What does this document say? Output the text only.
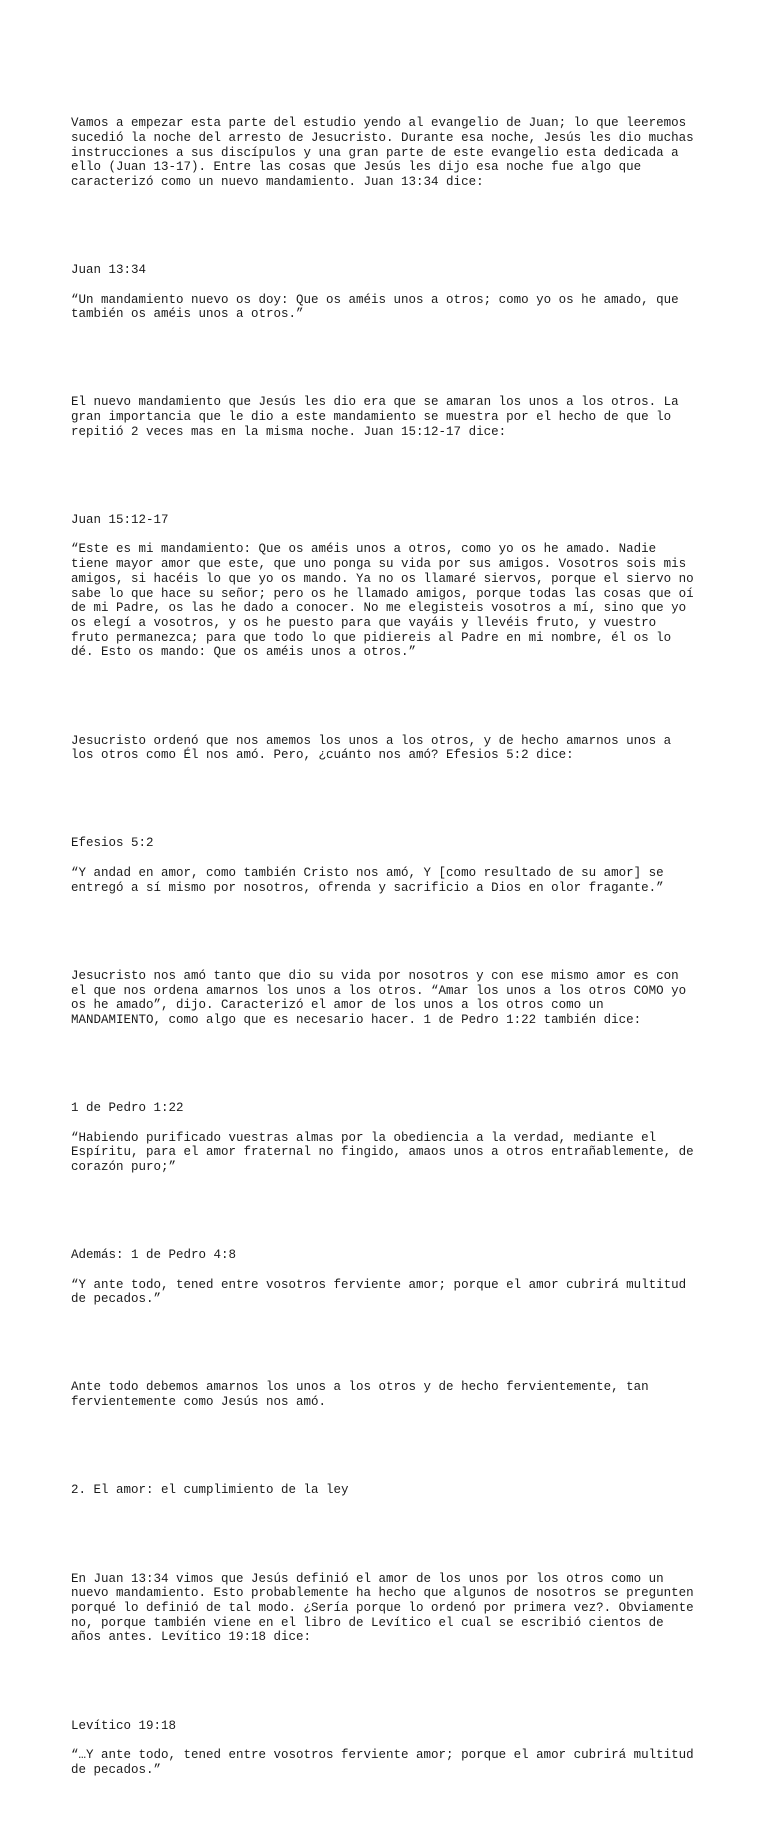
Vamos a empezar esta parte del estudio yendo al evangelio de Juan; lo que leeremos
sucedió la noche del arresto de Jesucristo. Durante esa noche, Jesús les dio muchas
instrucciones a sus discípulos y una gran parte de este evangelio esta dedicada a
ello (Juan 13-17). Entre las cosas que Jesús les dijo esa noche fue algo que
caracterizó como un nuevo mandamiento. Juan 13:34 dice:

Juan 13:34

“Un mandamiento nuevo os doy: Que os améis unos a otros; como yo os he amado, que
también os améis unos a otros.”

El nuevo mandamiento que Jesús les dio era que se amaran los unos a los otros. La
gran importancia que le dio a este mandamiento se muestra por el hecho de que lo
repitió 2 veces mas en la misma noche. Juan 15:12-17 dice:

Juan 15:12-17

“Este es mi mandamiento: Que os améis unos a otros, como yo os he amado. Nadie
tiene mayor amor que este, que uno ponga su vida por sus amigos. Vosotros sois mis
amigos, si hacéis lo que yo os mando. Ya no os llamaré siervos, porque el siervo no
sabe lo que hace su señor; pero os he llamado amigos, porque todas las cosas que oí
de mi Padre, os las he dado a conocer. No me elegisteis vosotros a mí, sino que yo
os elegí a vosotros, y os he puesto para que vayáis y llevéis fruto, y vuestro
fruto permanezca; para que todo lo que pidiereis al Padre en mi nombre, él os lo
dé. Esto os mando: Que os améis unos a otros.”

Jesucristo ordenó que nos amemos los unos a los otros, y de hecho amarnos unos a
los otros como Él nos amó. Pero, ¿cuánto nos amó? Efesios 5:2 dice:

Efesios 5:2

“Y andad en amor, como también Cristo nos amó, Y [como resultado de su amor] se
entregó a sí mismo por nosotros, ofrenda y sacrificio a Dios en olor fragante.”

Jesucristo nos amó tanto que dio su vida por nosotros y con ese mismo amor es con
el que nos ordena amarnos los unos a los otros. “Amar los unos a los otros COMO yo
os he amado”, dijo. Caracterizó el amor de los unos a los otros como un
MANDAMIENTO, como algo que es necesario hacer. 1 de Pedro 1:22 también dice:

1 de Pedro 1:22

“Habiendo purificado vuestras almas por la obediencia a la verdad, mediante el
Espíritu, para el amor fraternal no fingido, amaos unos a otros entrañablemente, de
corazón puro;”

Además: 1 de Pedro 4:8

“Y ante todo, tened entre vosotros ferviente amor; porque el amor cubrirá multitud
de pecados.”

Ante todo debemos amarnos los unos a los otros y de hecho fervientemente, tan
fervientemente como Jesús nos amó.

2. El amor: el cumplimiento de la ley

En Juan 13:34 vimos que Jesús definió el amor de los unos por los otros como un
nuevo mandamiento. Esto probablemente ha hecho que algunos de nosotros se pregunten
porqué lo definió de tal modo. ¿Sería porque lo ordenó por primera vez?. Obviamente
no, porque también viene en el libro de Levítico el cual se escribió cientos de
años antes. Levítico 19:18 dice:

Levítico 19:18

“…Y ante todo, tened entre vosotros ferviente amor; porque el amor cubrirá multitud
de pecados.”
